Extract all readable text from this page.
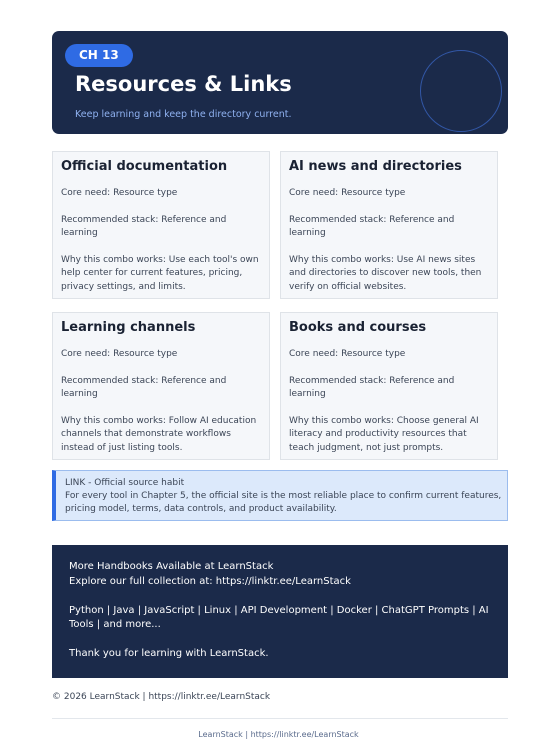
CH 13
Resources & Links
Keep learning and keep the directory current.
Official documentation
Core need: Resource type
Recommended stack: Reference and learning
Why this combo works: Use each tool's own help center for current features, pricing, privacy settings, and limits.
AI news and directories
Core need: Resource type
Recommended stack: Reference and learning
Why this combo works: Use AI news sites and directories to discover new tools, then verify on official websites.
Learning channels
Core need: Resource type
Recommended stack: Reference and learning
Why this combo works: Follow AI education channels that demonstrate workflows instead of just listing tools.
Books and courses
Core need: Resource type
Recommended stack: Reference and learning
Why this combo works: Choose general AI literacy and productivity resources that teach judgment, not just prompts.
LINK - Official source habit
For every tool in Chapter 5, the official site is the most reliable place to confirm current features, pricing model, terms, data controls, and product availability.
More Handbooks Available at LearnStack
Explore our full collection at: https://linktr.ee/LearnStack
Python | Java | JavaScript | Linux | API Development | Docker | ChatGPT Prompts | AI Tools | and more...
Thank you for learning with LearnStack.
© 2026 LearnStack | https://linktr.ee/LearnStack
LearnStack | https://linktr.ee/LearnStack
